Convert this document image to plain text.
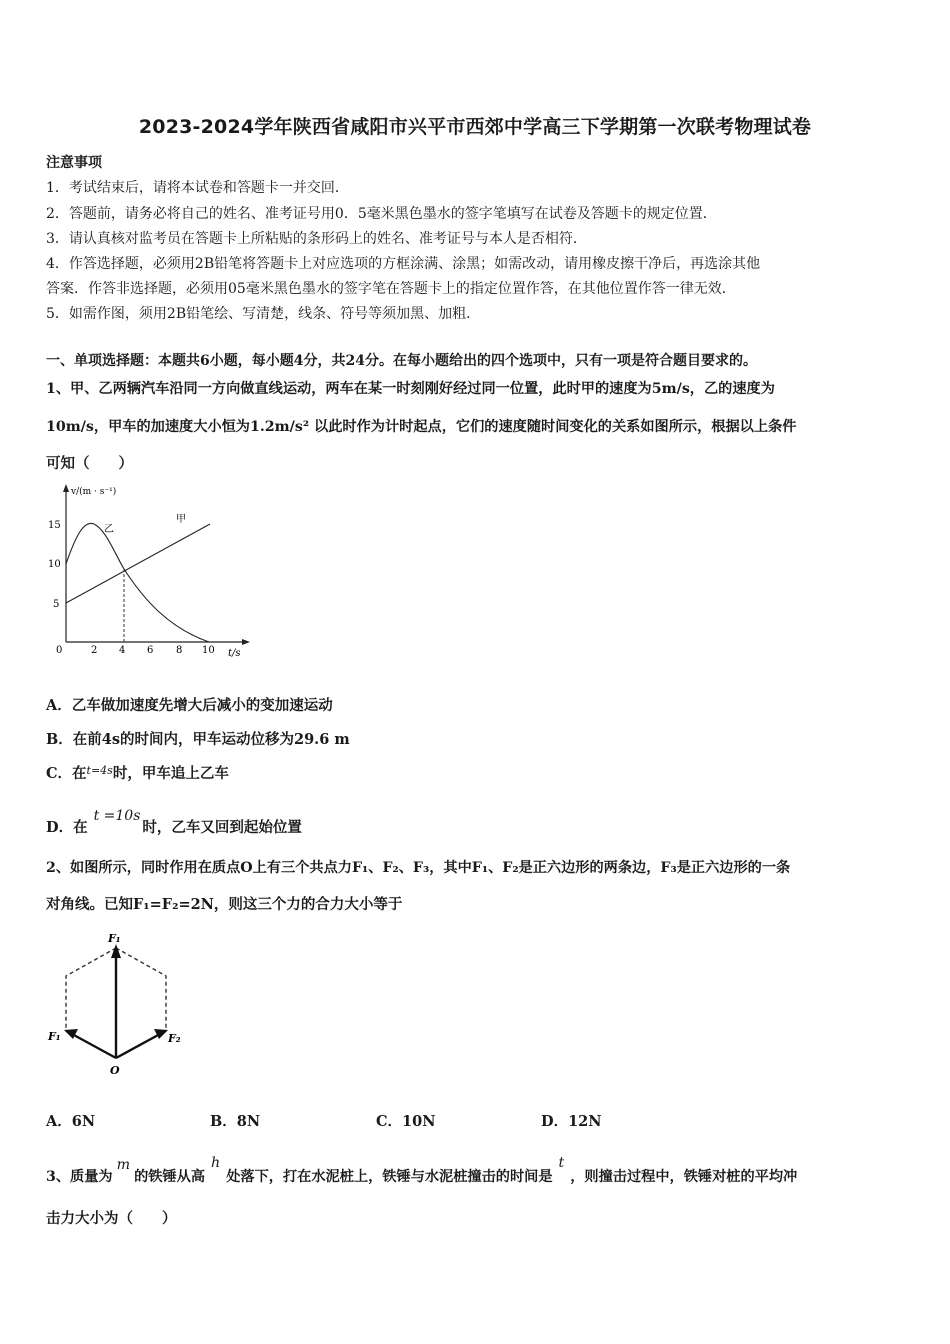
2023-2024学年陕西省咸阳市兴平市西郊中学高三下学期第一次联考物理试卷
注意事项
1．考试结束后，请将本试卷和答题卡一并交回．
2．答题前，请务必将自己的姓名、准考证号用0．5毫米黑色墨水的签字笔填写在试卷及答题卡的规定位置．
3．请认真核对监考员在答题卡上所粘贴的条形码上的姓名、准考证号与本人是否相符．
4．作答选择题，必须用2B铅笔将答题卡上对应选项的方框涂满、涂黑；如需改动，请用橡皮擦干净后，再选涂其他
答案．作答非选择题，必须用05毫米黑色墨水的签字笔在答题卡上的指定位置作答，在其他位置作答一律无效．
5．如需作图，须用2B铅笔绘、写清楚，线条、符号等须加黑、加粗．
一、单项选择题：本题共6小题，每小题4分，共24分。在每小题给出的四个选项中，只有一项是符合题目要求的。
1、甲、乙两辆汽车沿同一方向做直线运动，两车在某一时刻刚好经过同一位置，此时甲的速度为5m/s，乙的速度为
10m/s，甲车的加速度大小恒为1.2m/s² 以此时作为计时起点，它们的速度随时间变化的关系如图所示，根据以上条件
可知（　　）
v/(m · s⁻¹)
t/s
0
15
10
5
2 4 6 8 10
甲
乙
A．乙车做加速度先增大后减小的变加速运动
B．在前4s的时间内，甲车运动位移为29.6 m
C．在$^{t=4s}$时，甲车追上乙车
D．在t =10s时，乙车又回到起始位置
2、如图所示，同时作用在质点O上有三个共点力F₁、F₂、F₃，其中F₁、F₂是正六边形的两条边，F₃是正六边形的一条
对角线。已知F₁=F₂=2N，则这三个力的合力大小等于
F₁
F₁	F₂
O
A．6N	B．8N	C．10N	D．12N
3、质量为m的铁锤从高h处落下，打在水泥桩上，铁锤与水泥桩撞击的时间是t，则撞击过程中，铁锤对桩的平均冲
击力大小为（　　）
